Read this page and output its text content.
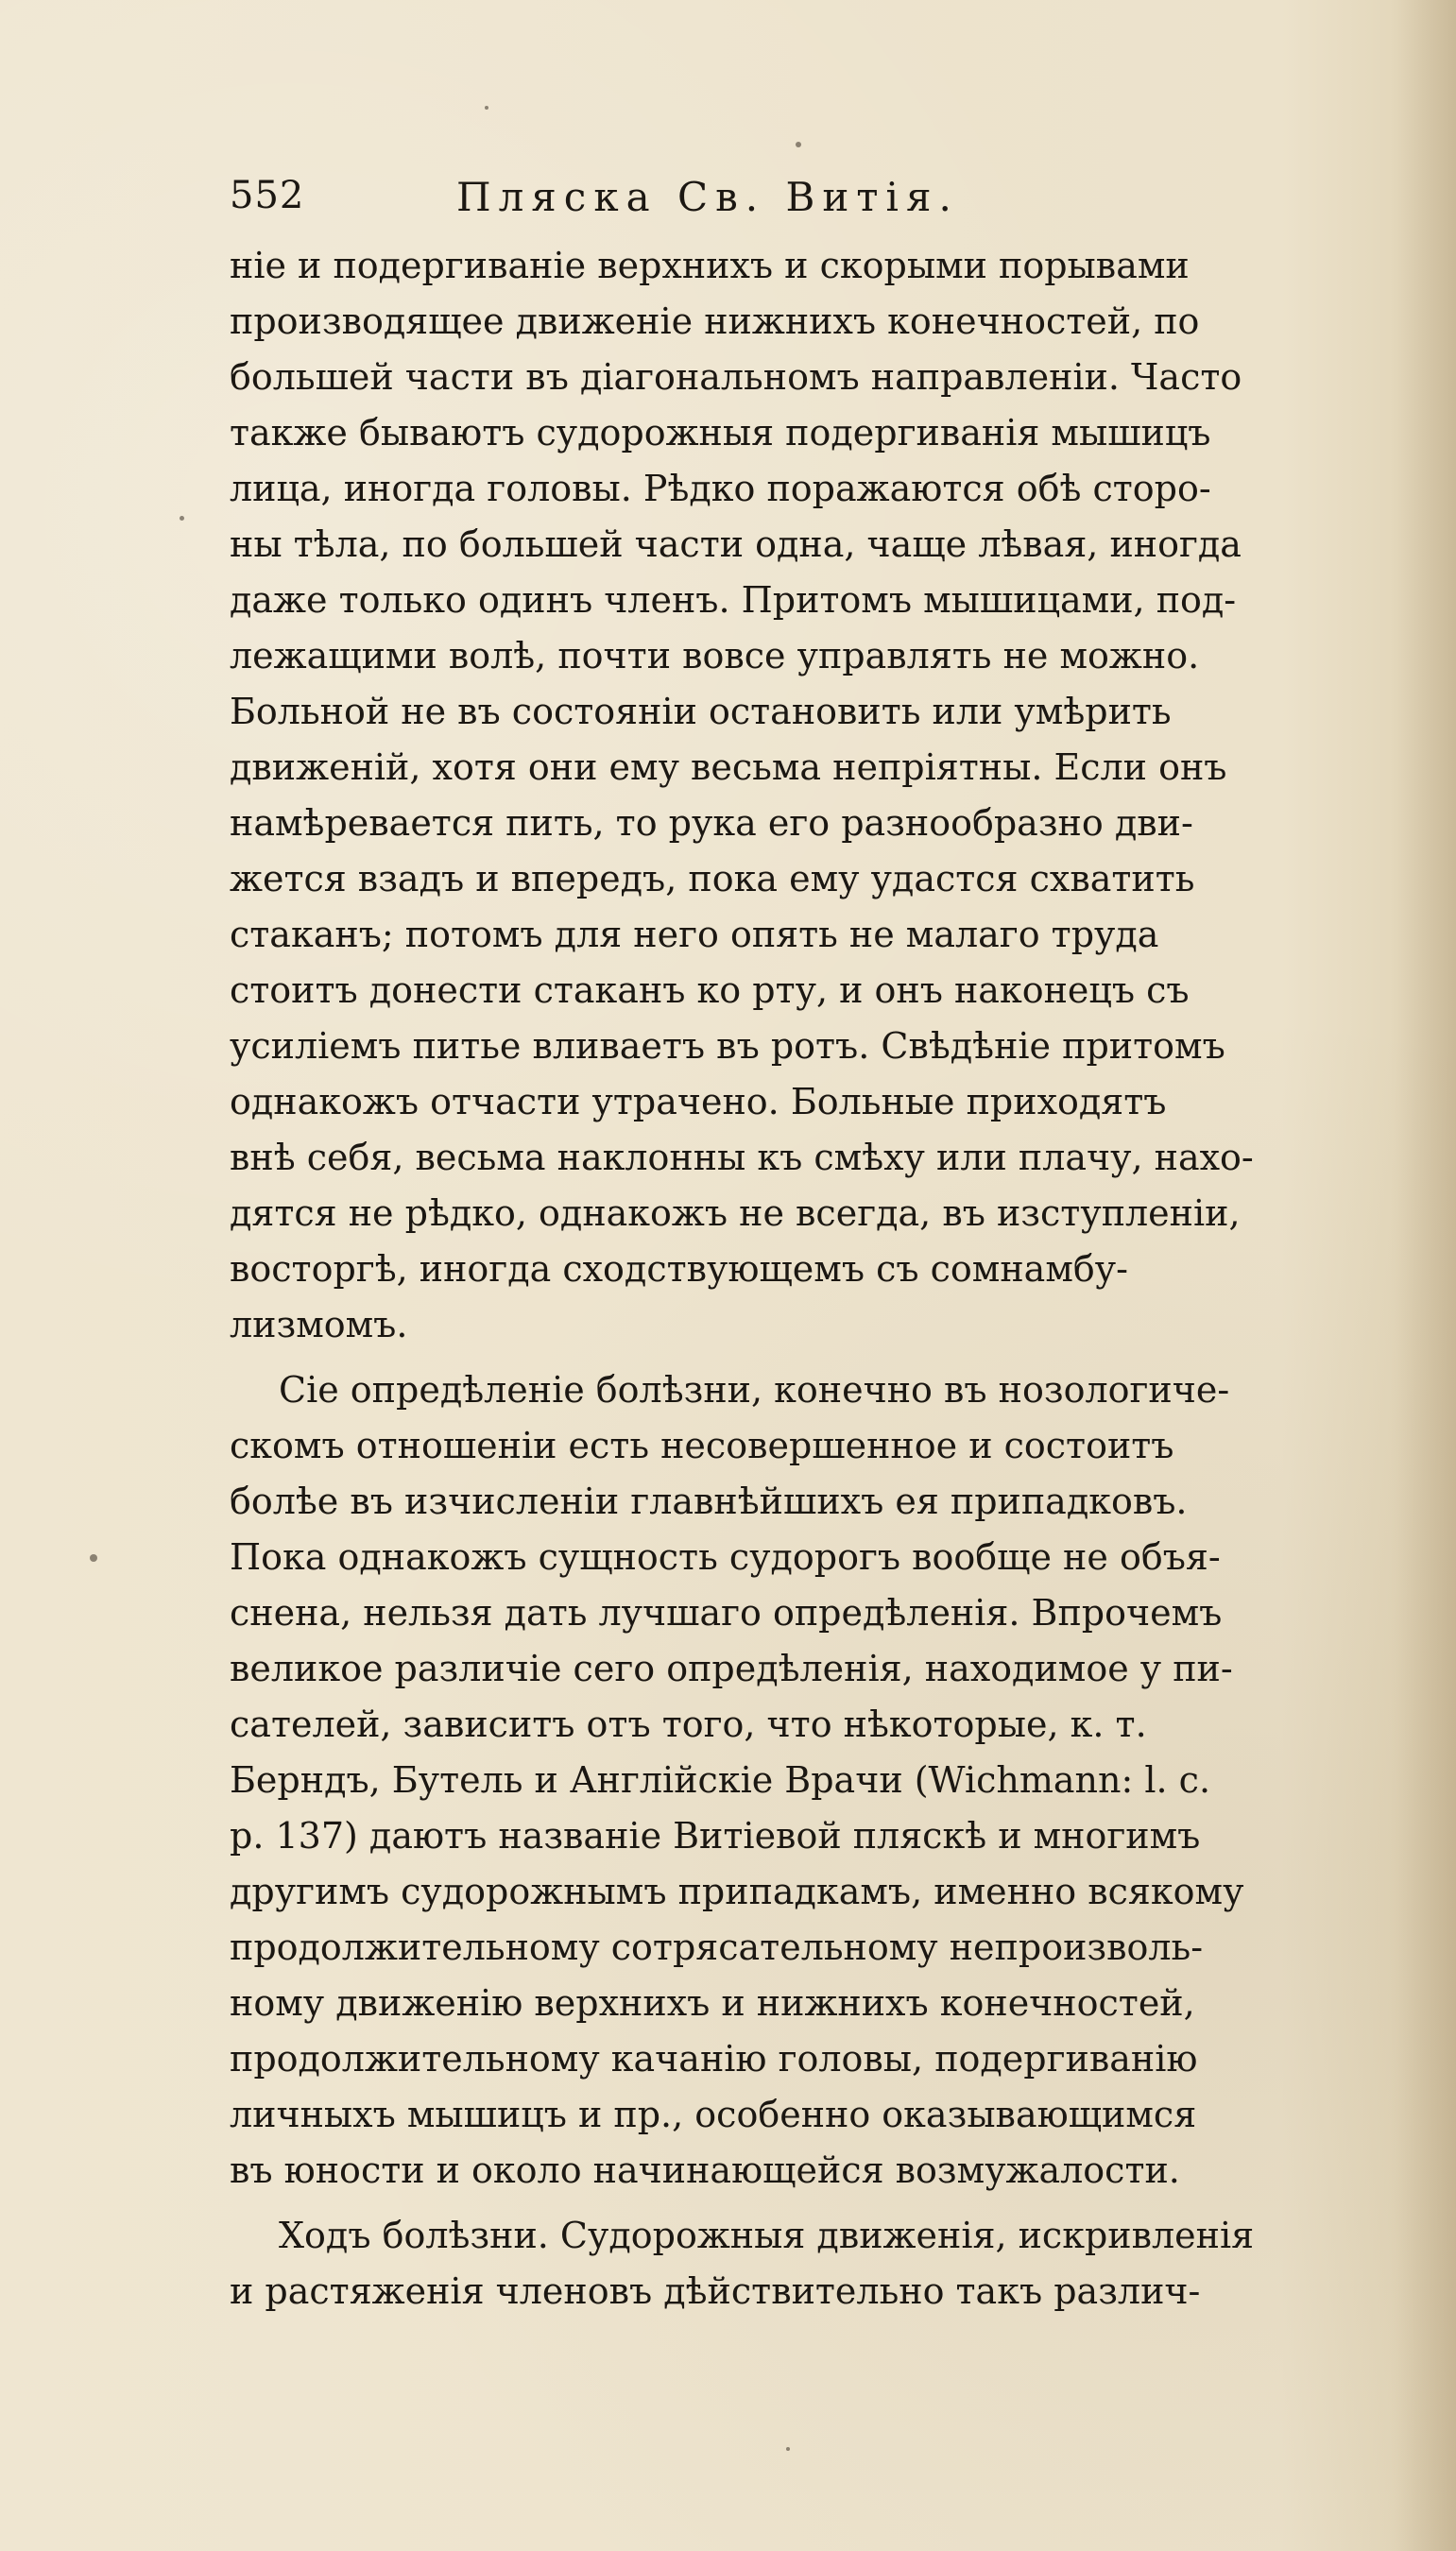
552	Пляска Св. Витія.
ніе и подергиваніе верхнихъ и скорыми порывами
производящее движеніе нижнихъ конечностей, по
большей части въ діагональномъ направленіи. Часто
также бываютъ судорожныя подергиванія мышицъ
лица, иногда головы. Рѣдко поражаются обѣ сторо-
ны тѣла, по большей части одна, чаще лѣвая, иногда
даже только одинъ членъ. Притомъ мышицами, под-
лежащими волѣ, почти вовсе управлять не можно.
Больной не въ состояніи остановить или умѣрить
движеній, хотя они ему весьма непріятны. Если онъ
намѣревается пить, то рука его разнообразно дви-
жется взадъ и впередъ, пока ему удастся схватить
стаканъ; потомъ для него опять не малаго труда
стоитъ донести стаканъ ко рту, и онъ наконецъ съ
усиліемъ питье вливаетъ въ ротъ. Свѣдѣніе притомъ
однакожъ отчасти утрачено. Больные приходятъ
внѣ себя, весьма наклонны къ смѣху или плачу, нахо-
дятся не рѣдко, однакожъ не всегда, въ изступленіи,
восторгѣ, иногда сходствующемъ съ сомнамбу-
лизмомъ.
Сіе опредѣленіе болѣзни, конечно въ нозологиче-
скомъ отношеніи есть несовершенное и состоитъ
болѣе въ изчисленіи главнѣйшихъ ея припадковъ.
Пока однакожъ сущность судорогъ вообще не объя-
снена, нельзя дать лучшаго опредѣленія. Впрочемъ
великое различіе сего опредѣленія, находимое у пи-
сателей, зависитъ отъ того, что нѣкоторые, к. т.
Берндъ, Бутель и Англійскіе Врачи (Wichmann: l. c.
p. 137) даютъ названіе Витіевой пляскѣ и многимъ
другимъ судорожнымъ припадкамъ, именно всякому
продолжительному сотрясательному непроизволь-
ному движенію верхнихъ и нижнихъ конечностей,
продолжительному качанію головы, подергиванію
личныхъ мышицъ и пр., особенно оказывающимся
въ юности и около начинающейся возмужалости.
Ходъ болѣзни. Судорожныя движенія, искривленія
и растяженія членовъ дѣйствительно такъ различ-
